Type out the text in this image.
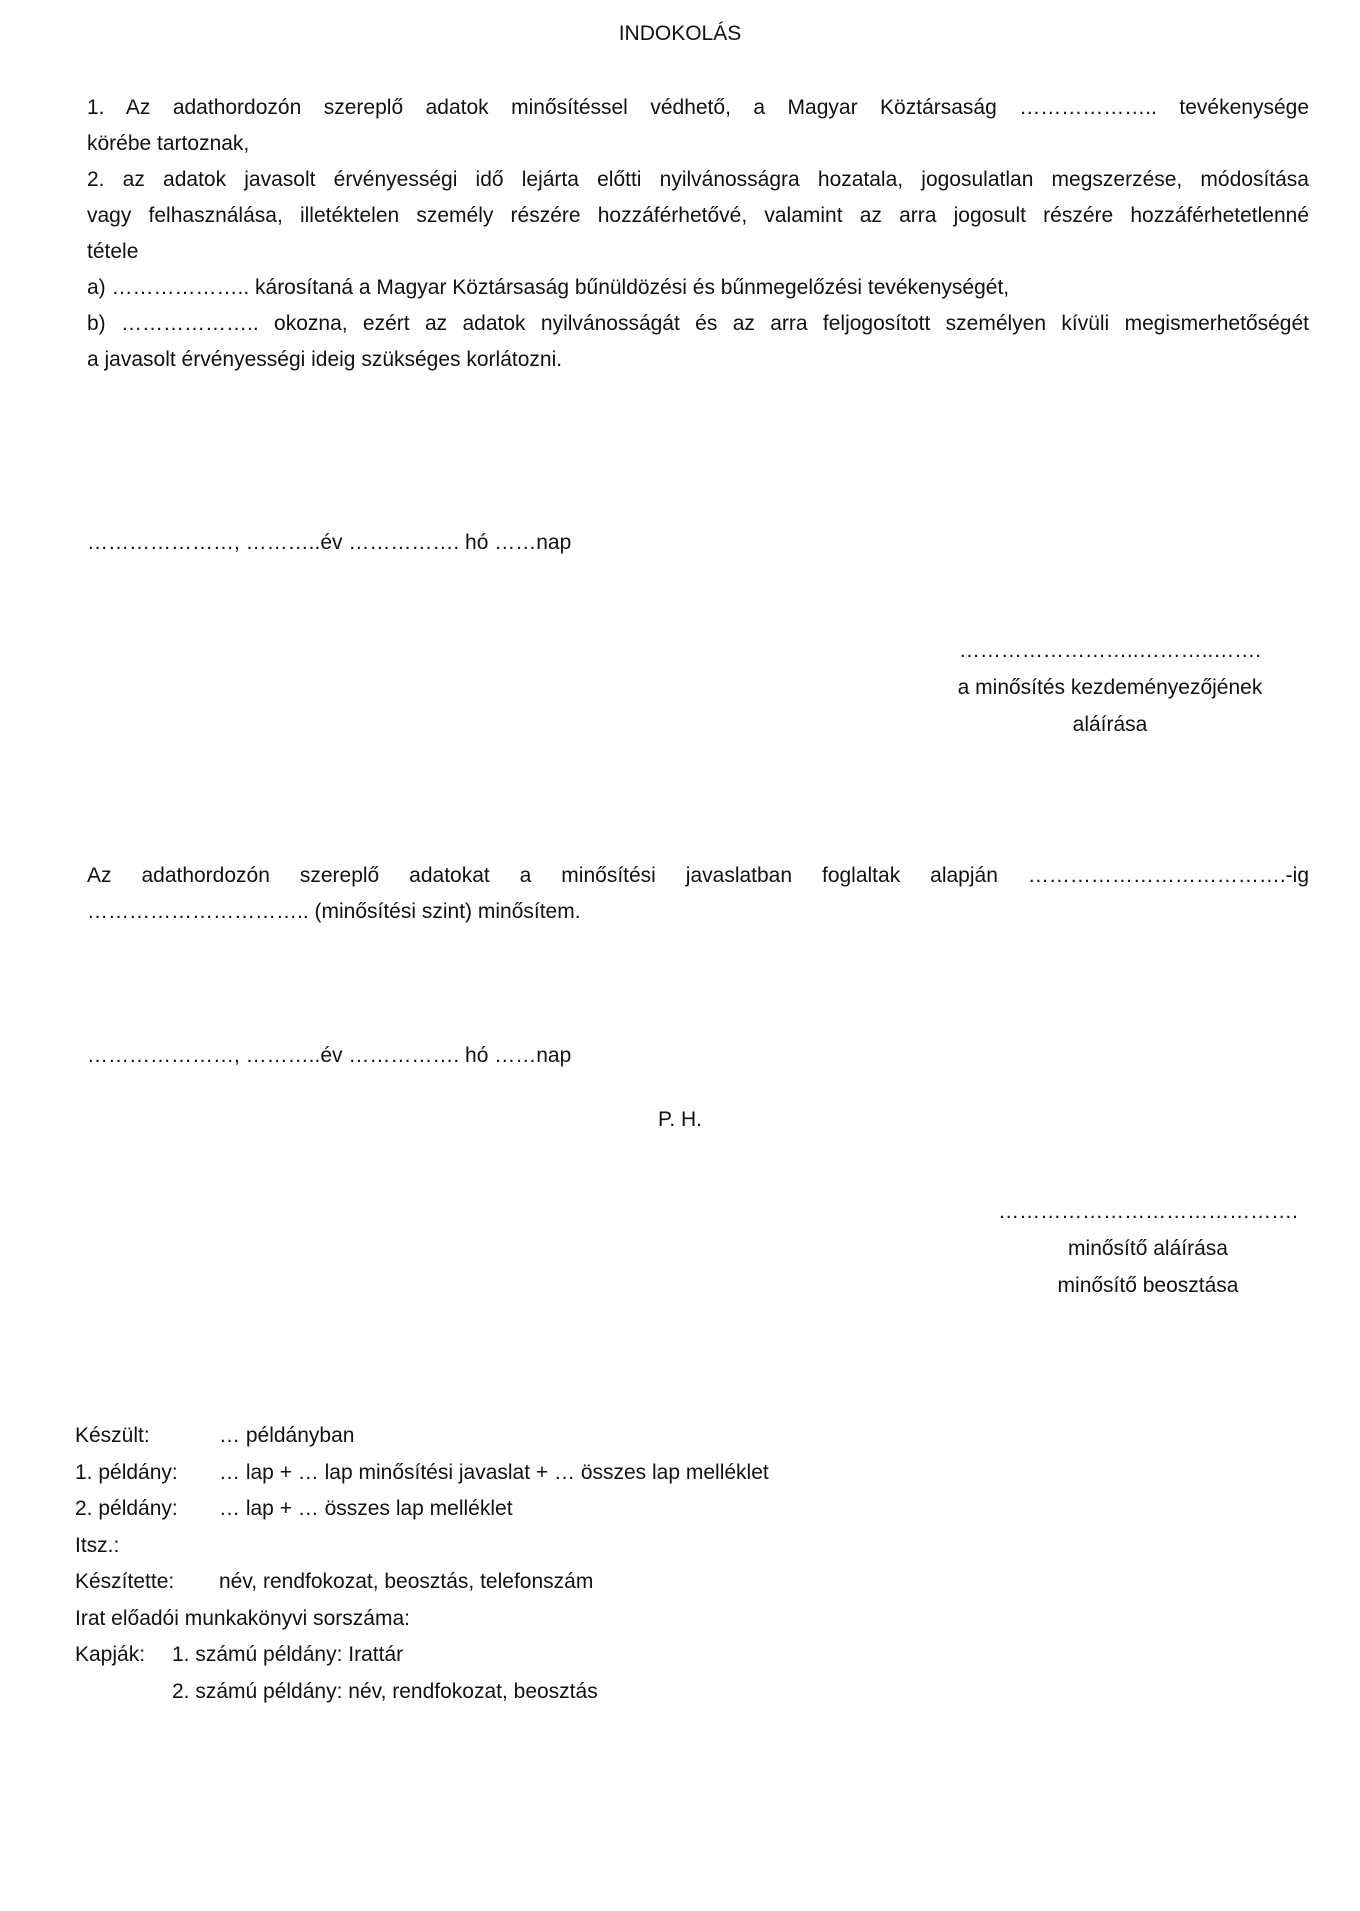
INDOKOLÁS
1. Az adathordozón szereplő adatok minősítéssel védhető, a Magyar Köztársaság ……………….. tevékenysége
körébe tartoznak,
2. az adatok javasolt érvényességi idő lejárta előtti nyilvánosságra hozatala, jogosulatlan megszerzése, módosítása
vagy felhasználása, illetéktelen személy részére hozzáférhetővé, valamint az arra jogosult részére hozzáférhetetlenné
tétele
a) ……………….. károsítaná a Magyar Köztársaság bűnüldözési és bűnmegelőzési tevékenységét,
b) ……………….. okozna, ezért az adatok nyilvánosságát és az arra feljogosított személyen kívüli megismerhetőségét
a javasolt érvényességi ideig szükséges korlátozni.
…………………, ………..év ……………. hó ……nap
……………………..………..…….
a minősítés kezdeményezőjének
aláírása
Az adathordozón szereplő adatokat a minősítési javaslatban foglaltak alapján ……………………………….-ig
………………………….. (minősítési szint) minősítem.
…………………, ………..év ……………. hó ……nap
P. H.
…………………………………….
minősítő aláírása
minősítő beosztása
Készült:	… példányban
1. példány:	… lap + … lap minősítési javaslat + … összes lap melléklet
2. példány:	… lap + … összes lap melléklet
Itsz.:
Készítette:	név, rendfokozat, beosztás, telefonszám
Irat előadói munkakönyvi sorszáma:
Kapják:	1. számú példány: Irattár
2. számú példány: név, rendfokozat, beosztás
